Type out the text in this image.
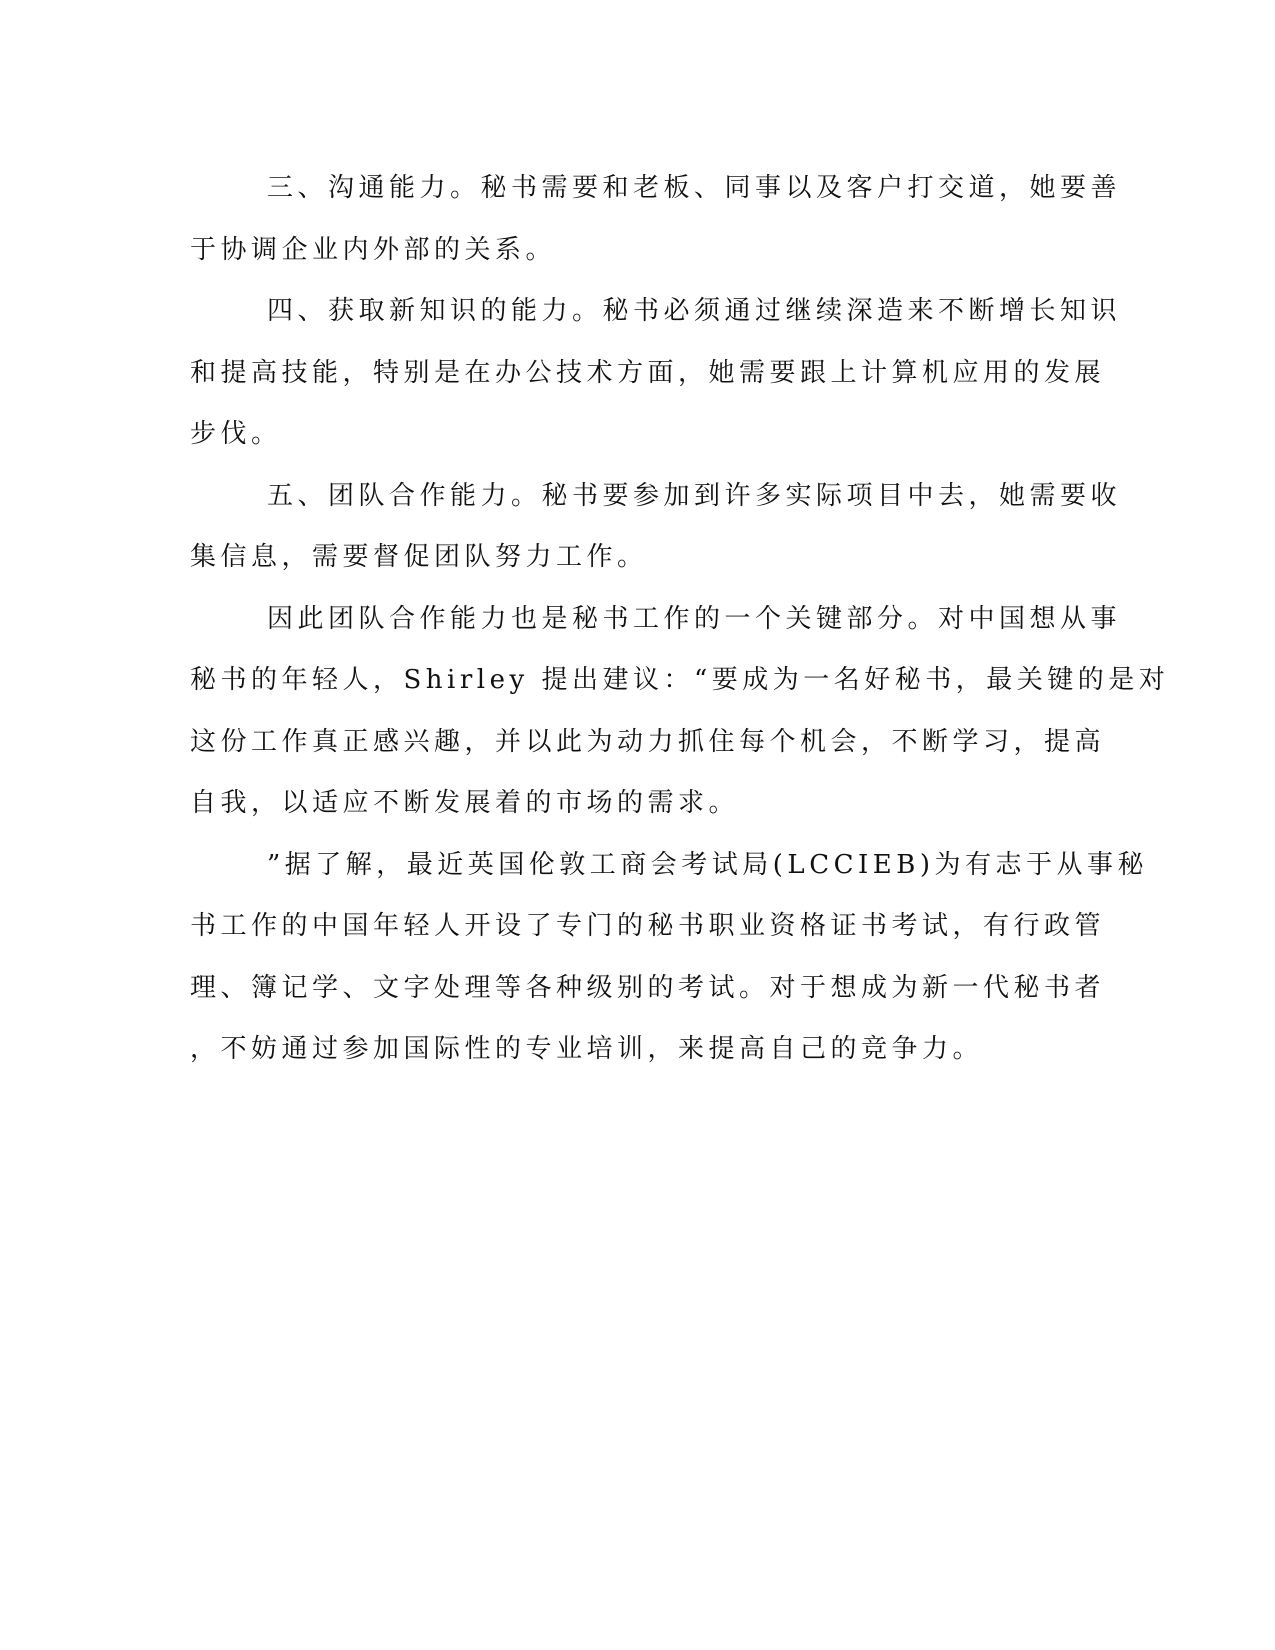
三、沟通能力。秘书需要和老板、同事以及客户打交道，她要善
于协调企业内外部的关系。
四、获取新知识的能力。秘书必须通过继续深造来不断增长知识
和提高技能，特别是在办公技术方面，她需要跟上计算机应用的发展
步伐。
五、团队合作能力。秘书要参加到许多实际项目中去，她需要收
集信息，需要督促团队努力工作。
因此团队合作能力也是秘书工作的一个关键部分。对中国想从事
秘书的年轻人，Shirley 提出建议：“要成为一名好秘书，最关键的是对
这份工作真正感兴趣，并以此为动力抓住每个机会，不断学习，提高
自我，以适应不断发展着的市场的需求。
”据了解，最近英国伦敦工商会考试局(LCCIEB)为有志于从事秘
书工作的中国年轻人开设了专门的秘书职业资格证书考试，有行政管
理、簿记学、文字处理等各种级别的考试。对于想成为新一代秘书者
，不妨通过参加国际性的专业培训，来提高自己的竞争力。
